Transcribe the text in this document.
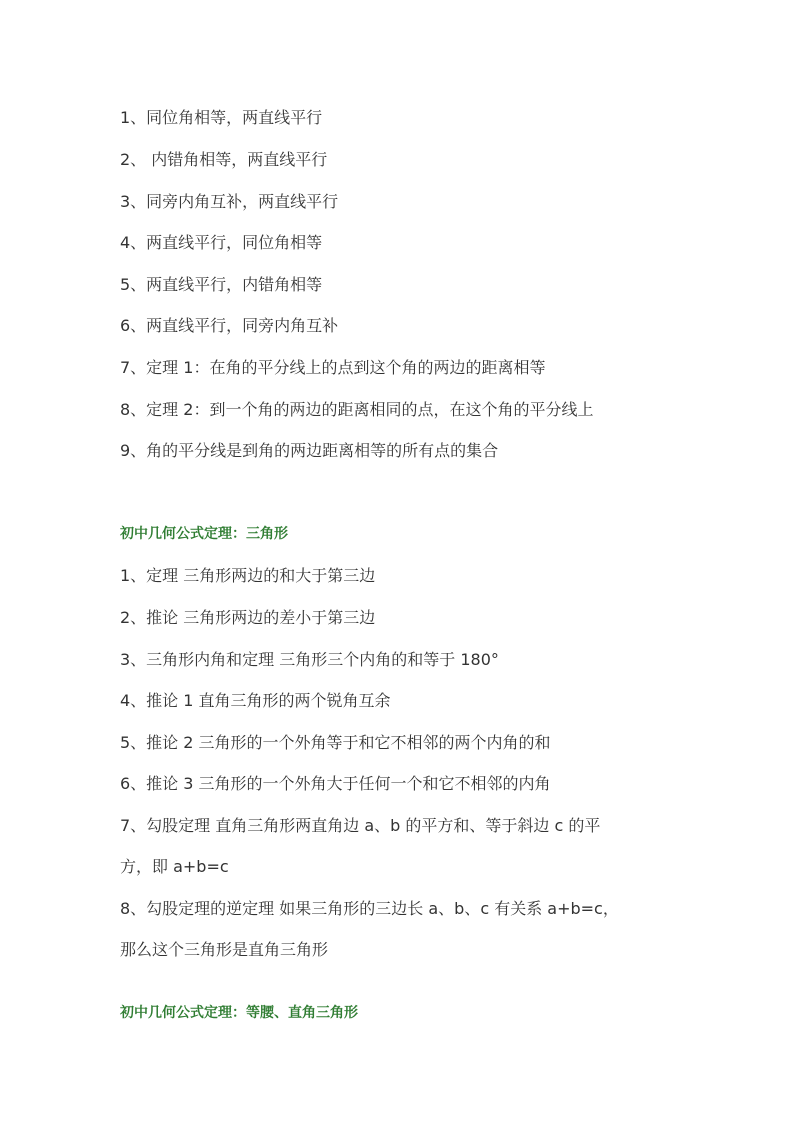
1、同位角相等，两直线平行
2、 内错角相等，两直线平行
3、同旁内角互补，两直线平行
4、两直线平行，同位角相等
5、两直线平行，内错角相等
6、两直线平行，同旁内角互补
7、定理 1：在角的平分线上的点到这个角的两边的距离相等
8、定理 2：到一个角的两边的距离相同的点，在这个角的平分线上
9、角的平分线是到角的两边距离相等的所有点的集合
初中几何公式定理：三角形
1、定理 三角形两边的和大于第三边
2、推论 三角形两边的差小于第三边
3、三角形内角和定理 三角形三个内角的和等于 180°
4、推论 1 直角三角形的两个锐角互余
5、推论 2 三角形的一个外角等于和它不相邻的两个内角的和
6、推论 3 三角形的一个外角大于任何一个和它不相邻的内角
7、勾股定理 直角三角形两直角边 a、b 的平方和、等于斜边 c 的平
方，即 a+b=c
8、勾股定理的逆定理 如果三角形的三边长 a、b、c 有关系 a+b=c，
那么这个三角形是直角三角形
初中几何公式定理：等腰、直角三角形
